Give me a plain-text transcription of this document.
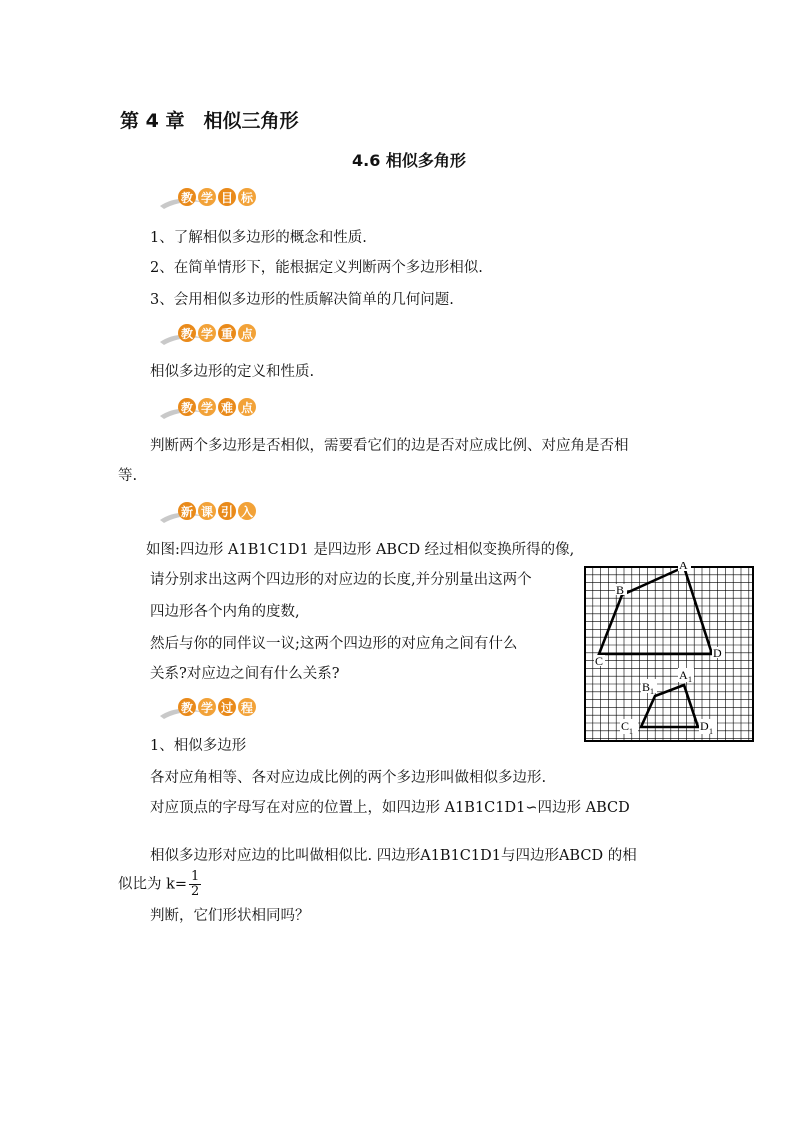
第 4 章　相似三角形
4.6 相似多角形
教 学 目 标
1、了解相似多边形的概念和性质.
2、在简单情形下，能根据定义判断两个多边形相似.
3、会用相似多边形的性质解决简单的几何问题.
教 学 重 点
相似多边形的定义和性质.
教 学 难 点
判断两个多边形是否相似，需要看它们的边是否对应成比例、对应角是否相
等.
新 课 引 入
如图:四边形 A1B1C1D1 是四边形 ABCD 经过相似变换所得的像,
请分别求出这两个四边形的对应边的长度,并分别量出这两个
四边形各个内角的度数,
然后与你的同伴议一议;这两个四边形的对应角之间有什么
关系?对应边之间有什么关系?
A
B
C
D
A 1
B 1
C 1	D 1
教 学 过 程
1、相似多边形
各对应角相等、各对应边成比例的两个多边形叫做相似多边形.
对应顶点的字母写在对应的位置上，如四边形 A1B1C1D1∽四边形 ABCD
相似多边形对应边的比叫做相似比. 四边形A1B1C1D1与四边形ABCD 的相
似比为 $k= \frac{1}{2}$
判断，它们形状相同吗？
